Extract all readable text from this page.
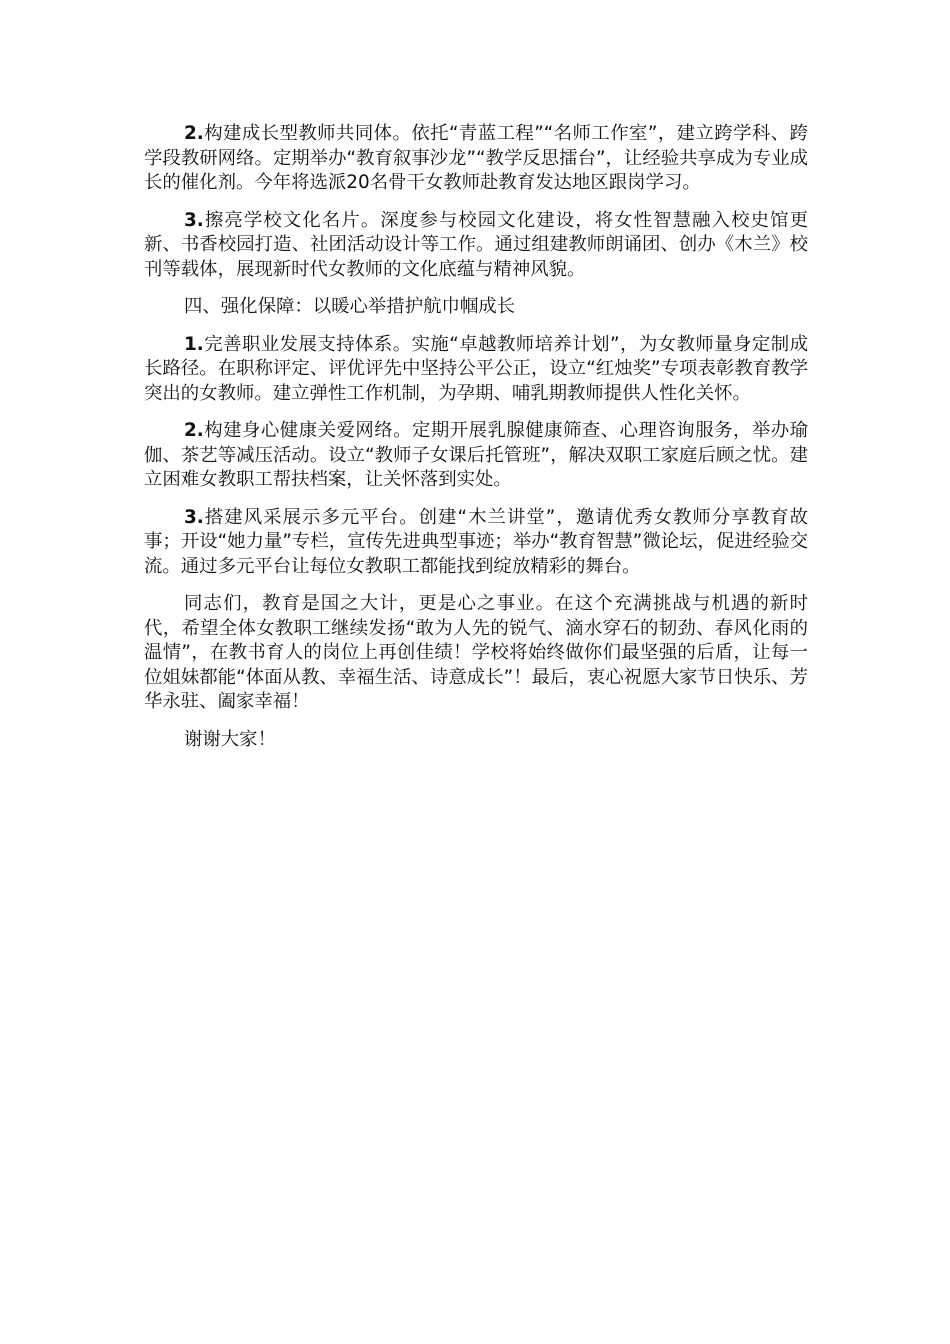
2.构建成长型教师共同体。依托“青蓝工程”“名师工作室”，建立跨学科、跨学段教研网络。定期举办“教育叙事沙龙”“教学反思擂台”，让经验共享成为专业成长的催化剂。今年将选派20名骨干女教师赴教育发达地区跟岗学习。

3.擦亮学校文化名片。深度参与校园文化建设，将女性智慧融入校史馆更新、书香校园打造、社团活动设计等工作。通过组建教师朗诵团、创办《木兰》校刊等载体，展现新时代女教师的文化底蕴与精神风貌。

四、强化保障：以暖心举措护航巾帼成长

1.完善职业发展支持体系。实施“卓越教师培养计划”，为女教师量身定制成长路径。在职称评定、评优评先中坚持公平公正，设立“红烛奖”专项表彰教育教学突出的女教师。建立弹性工作机制，为孕期、哺乳期教师提供人性化关怀。

2.构建身心健康关爱网络。定期开展乳腺健康筛查、心理咨询服务，举办瑜伽、茶艺等减压活动。设立“教师子女课后托管班”，解决双职工家庭后顾之忧。建立困难女教职工帮扶档案，让关怀落到实处。

3.搭建风采展示多元平台。创建“木兰讲堂”，邀请优秀女教师分享教育故事；开设“她力量”专栏，宣传先进典型事迹；举办“教育智慧”微论坛，促进经验交流。通过多元平台让每位女教职工都能找到绽放精彩的舞台。

同志们，教育是国之大计，更是心之事业。在这个充满挑战与机遇的新时代，希望全体女教职工继续发扬“敢为人先的锐气、滴水穿石的韧劲、春风化雨的温情”，在教书育人的岗位上再创佳绩！学校将始终做你们最坚强的后盾，让每一位姐妹都能“体面从教、幸福生活、诗意成长”！最后，衷心祝愿大家节日快乐、芳华永驻、阖家幸福！

谢谢大家！
